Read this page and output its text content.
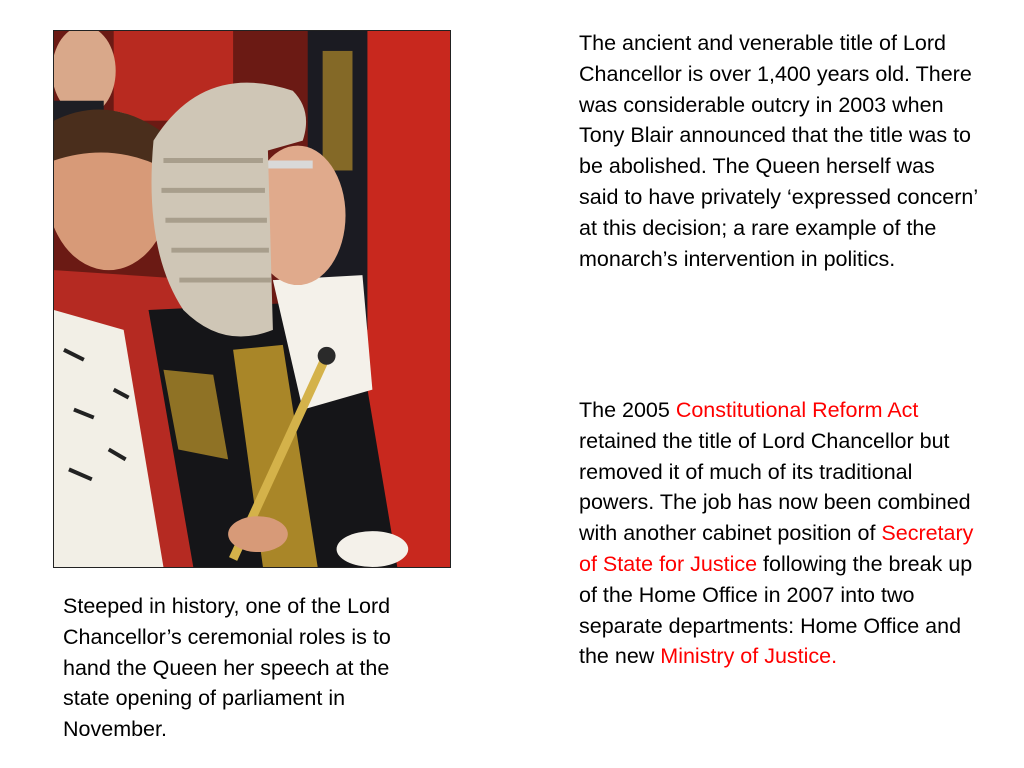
The ancient and venerable title of Lord Chancellor is over 1,400 years old. There was considerable outcry in 2003 when Tony Blair announced that the title was to be abolished. The Queen herself was said to have privately ‘expressed concern’ at this decision; a rare example of the monarch’s intervention in politics.

The 2005 Constitutional Reform Act retained the title of Lord Chancellor but removed it of much of its traditional powers. The job has now been combined with another cabinet position of Secretary of State for Justice following the break up of the Home Office in 2007 into two separate departments: Home Office and the new Ministry of Justice.

Steeped in history, one of the Lord Chancellor’s ceremonial roles is to hand the Queen her speech at the state opening of parliament in November.
